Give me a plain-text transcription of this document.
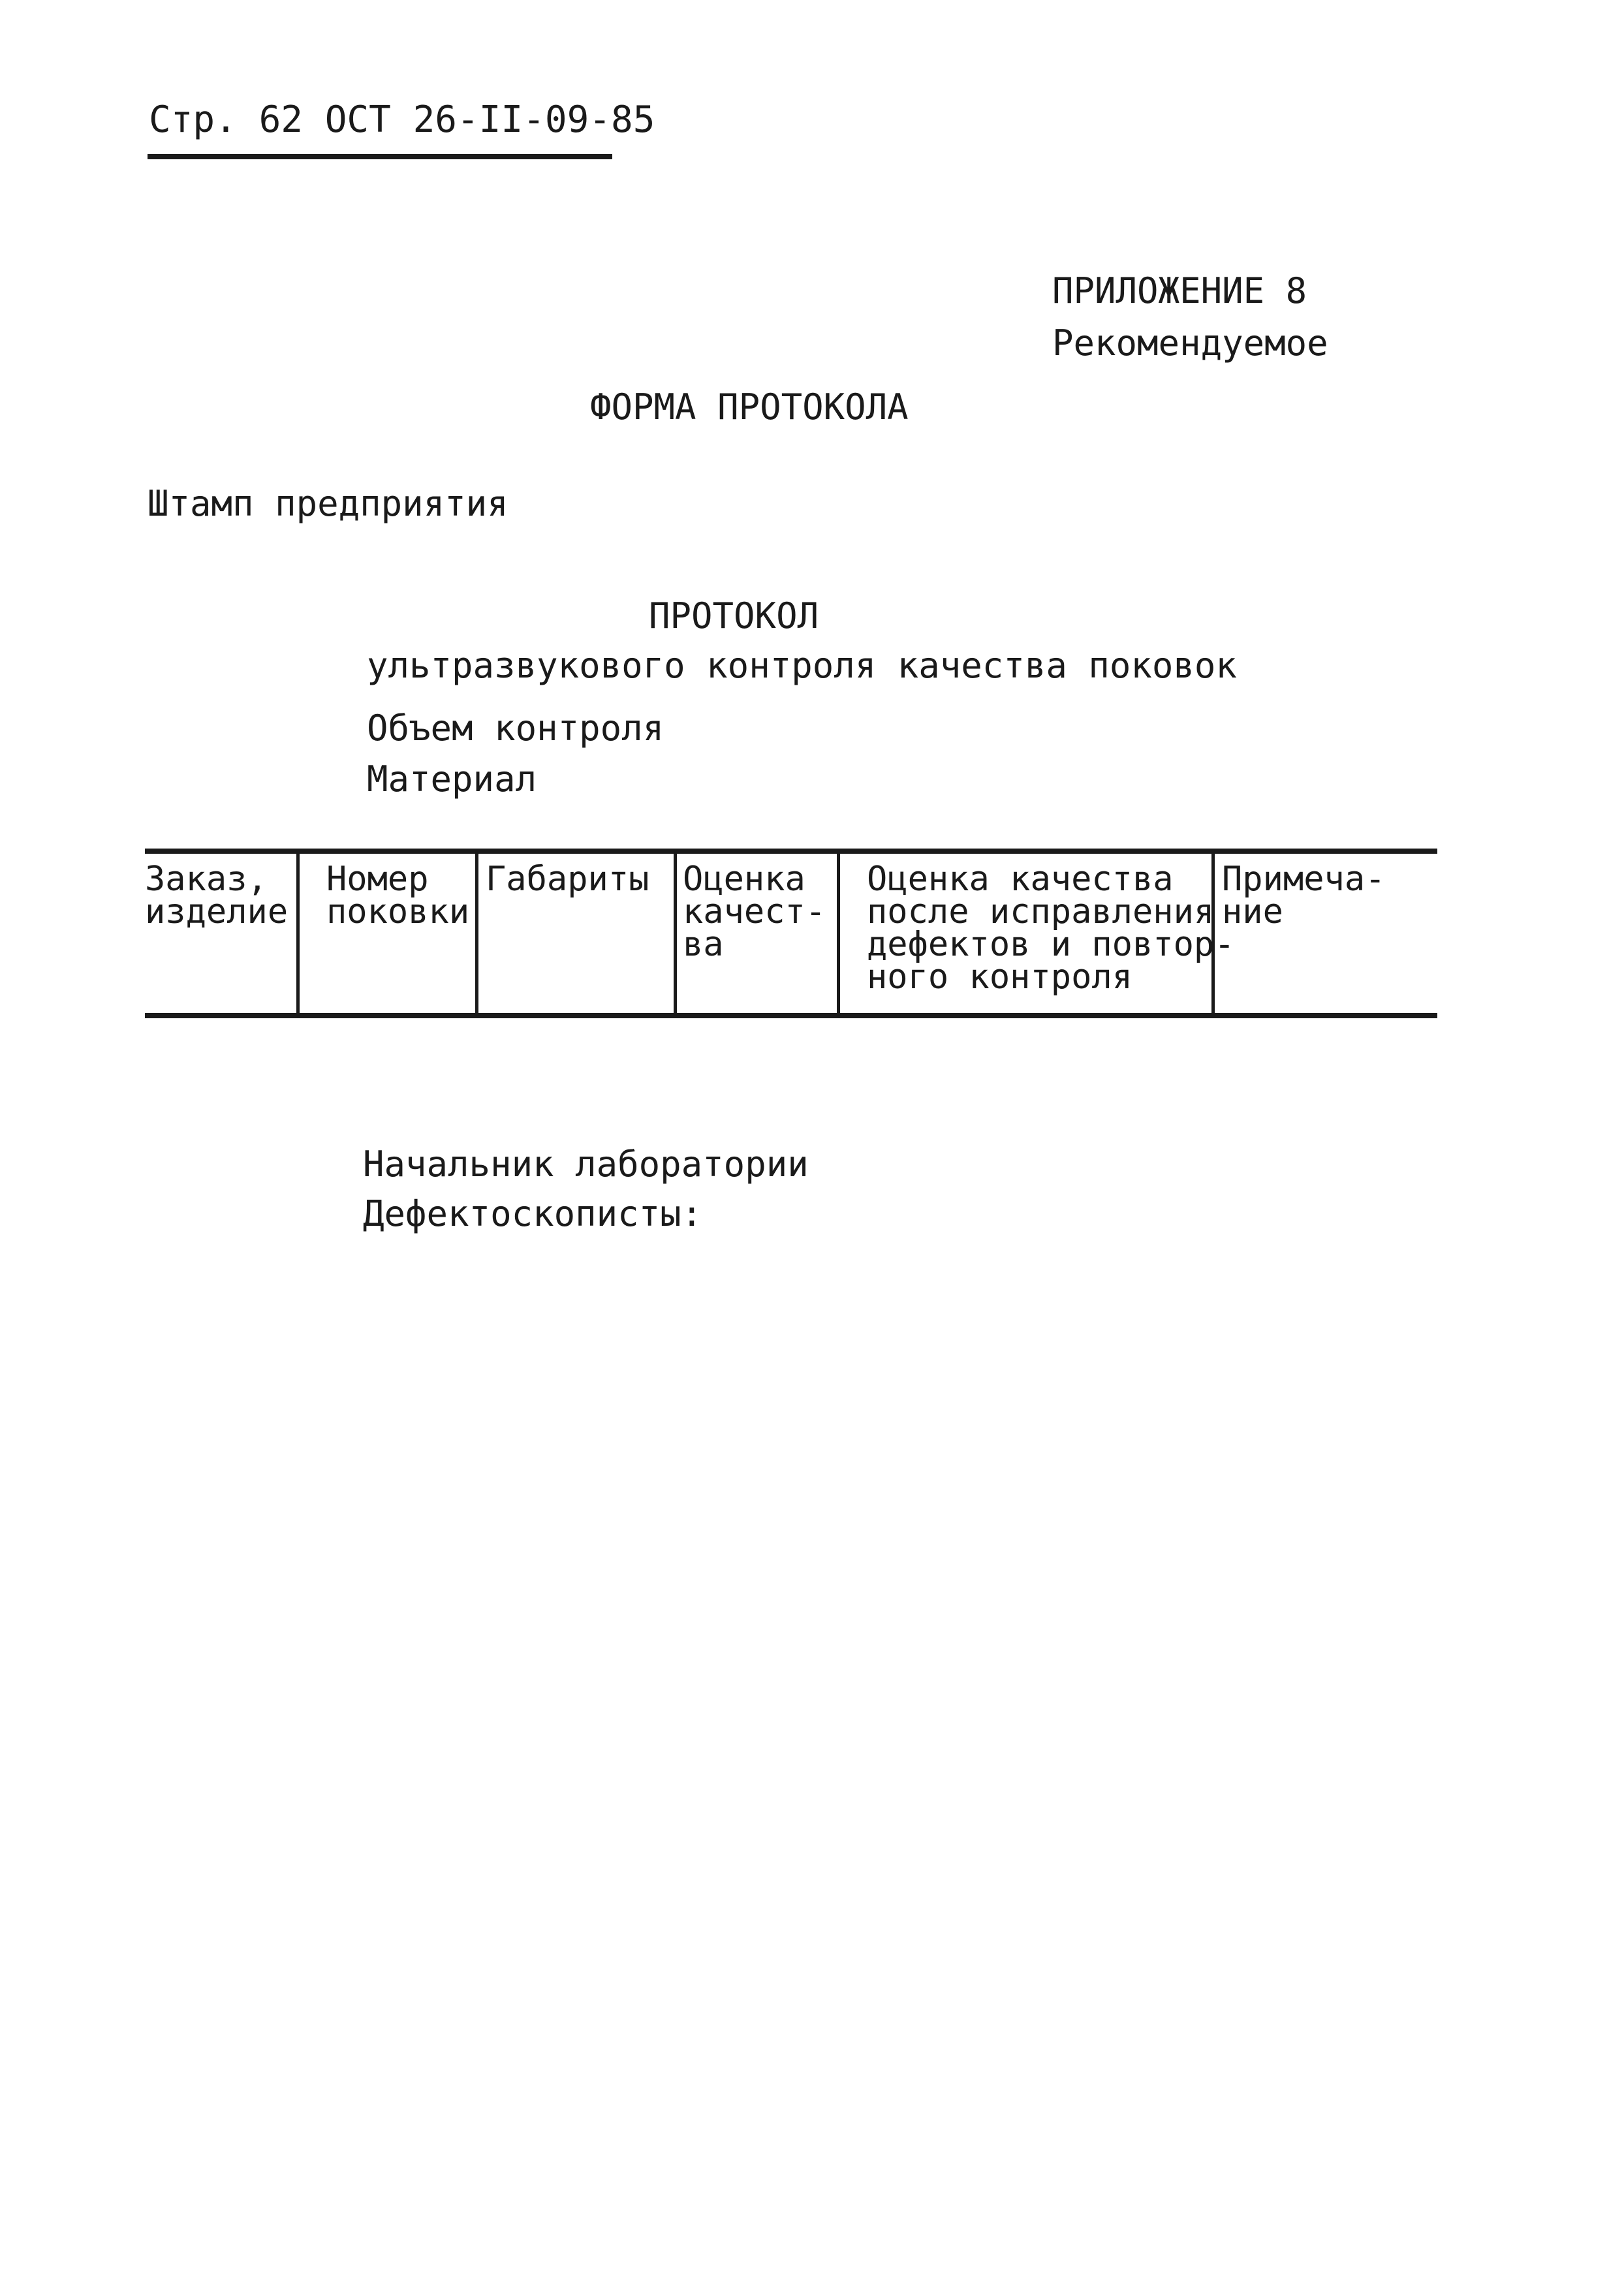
Стр. 62 ОСТ 26-II-09-85
ПРИЛОЖЕНИЕ 8
Рекомендуемое
ФОРМА ПРОТОКОЛА
Штамп предприятия
ПРОТОКОЛ
ультразвукового контроля качества поковок
Объем контроля
Материал
Заказ,
изделие
Номер
поковки
Габариты Оценка
качест-
ва
Оценка качества
после исправления
дефектов и повтор-
ного контроля
Примеча-
ние
Начальник лаборатории
Дефектоскописты:
